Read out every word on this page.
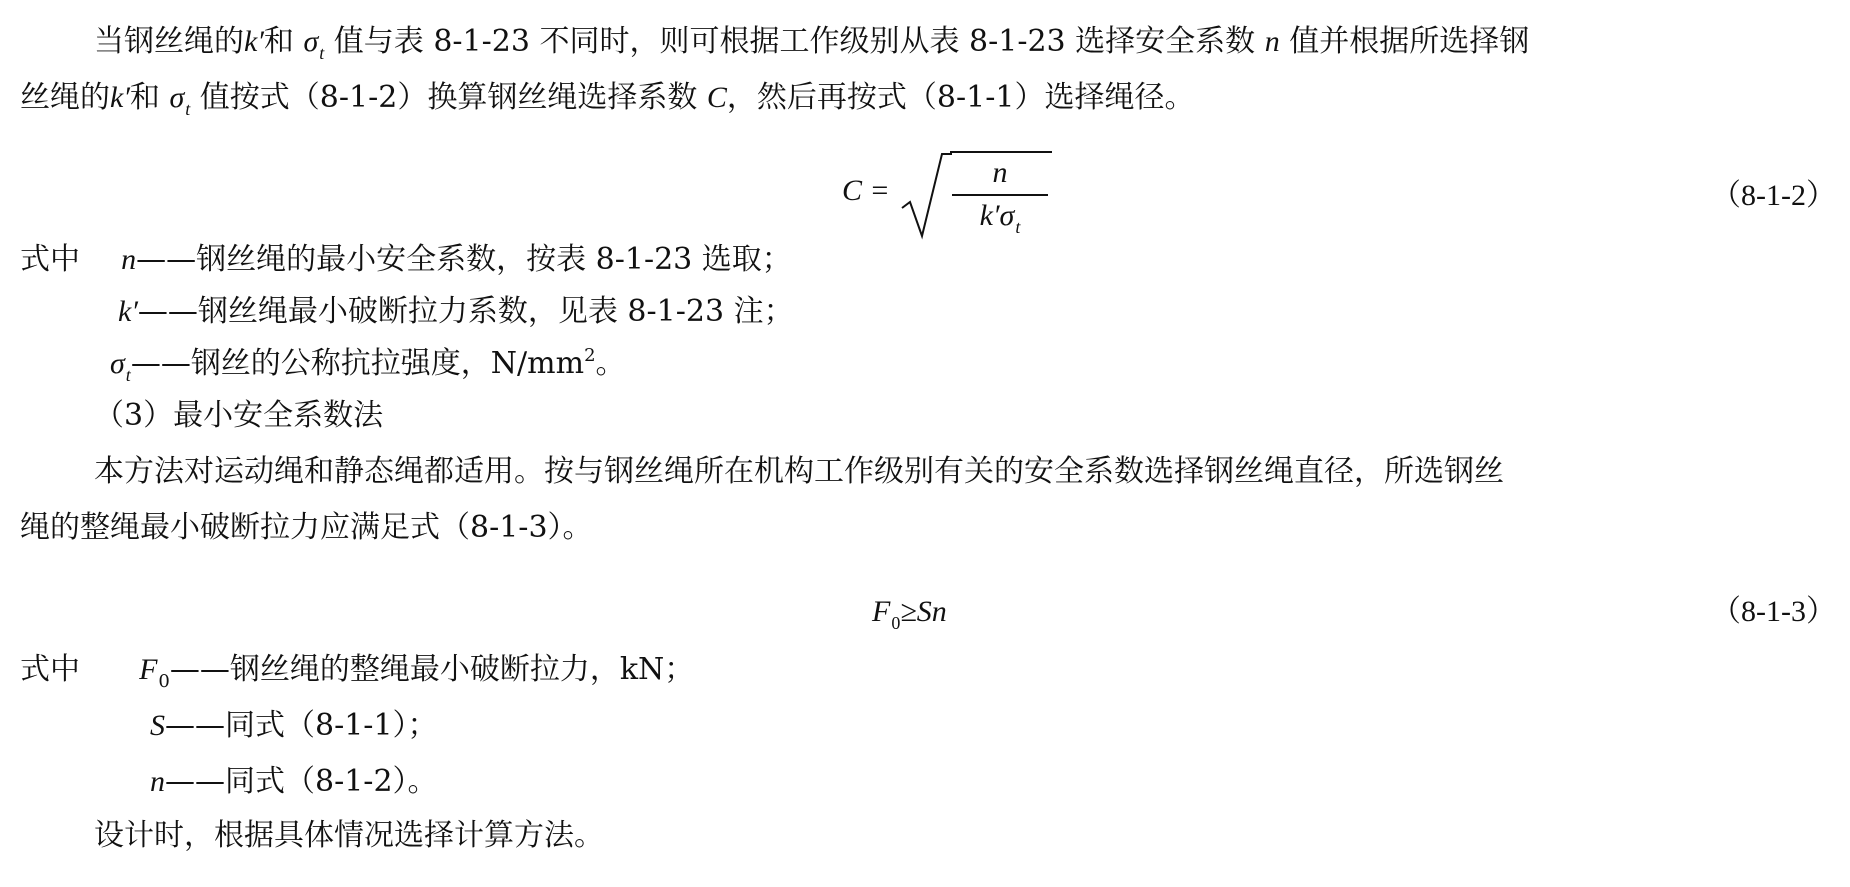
当钢丝绳的k′和 $\sigma_t$ 值与表 8-1-23 不同时，则可根据工作级别从表 8-1-23 选择安全系数 n 值并根据所选择钢
丝绳的k′和 $\sigma_t$ 值按式（8-1-2）换算钢丝绳选择系数 C，然后再按式（8-1-1）选择绳径。
$C = \frac{n}{k'\sigma_t}$	（8-1-2）
式中 n——钢丝绳的最小安全系数，按表 8-1-23 选取；
k′——钢丝绳最小破断拉力系数，见表 8-1-23 注；
$\sigma_t——$钢丝的公称抗拉强度，$N/mm^2$。
（3）最小安全系数法
本方法对运动绳和静态绳都适用。按与钢丝绳所在机构工作级别有关的安全系数选择钢丝绳直径，所选钢丝
绳的整绳最小破断拉力应满足式（8-1-3）。
$F_0\ge Sn$	（8-1-3）
式中 $F_0——$钢丝绳的整绳最小破断拉力，kN；
S——同式（8-1-1）；
n——同式（8-1-2）。
设计时，根据具体情况选择计算方法。
